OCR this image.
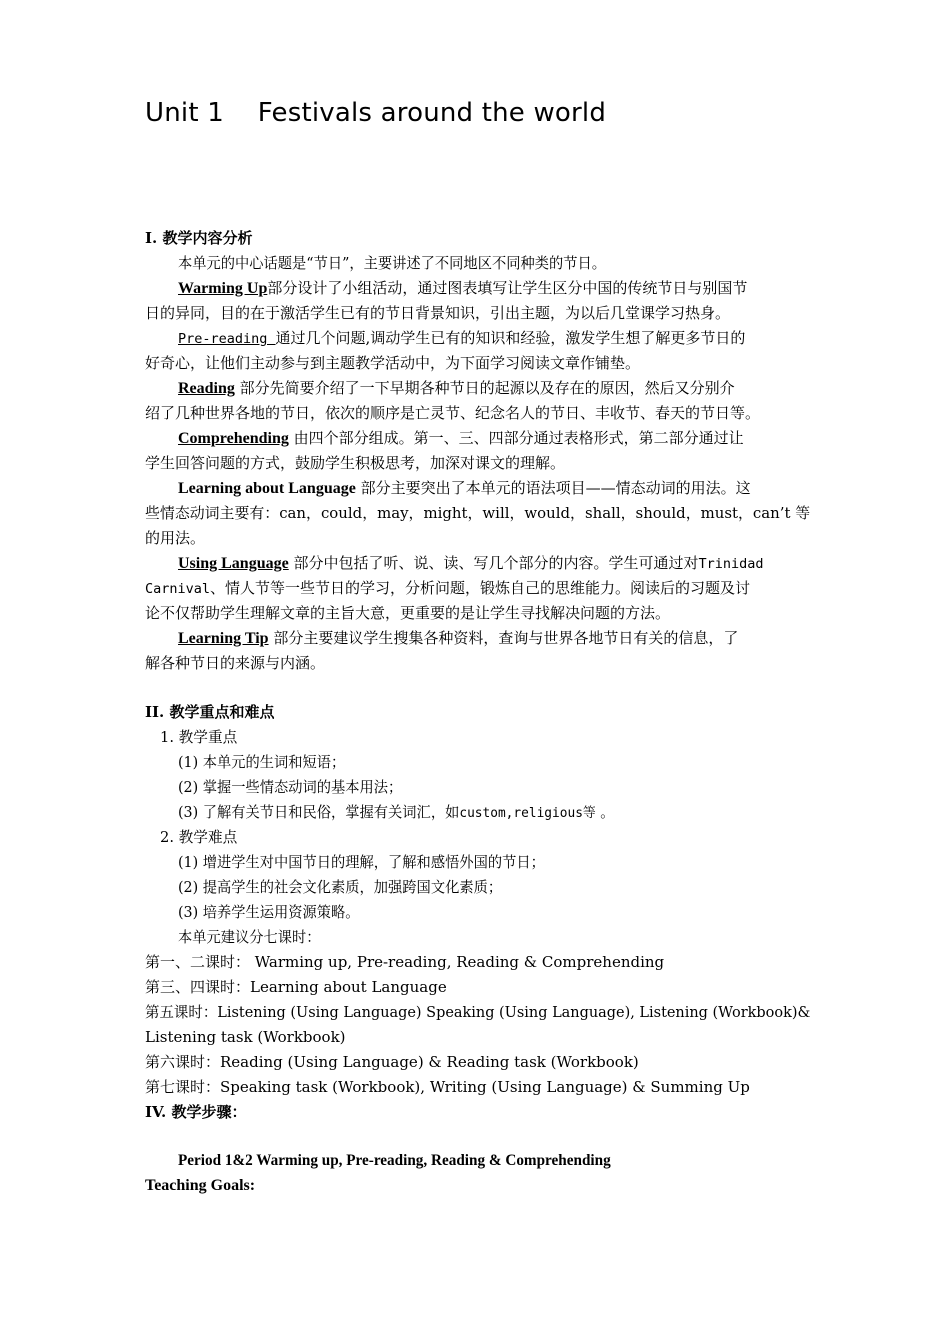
Unit 1    Festivals around the world
I. 教学内容分析
本单元的中心话题是“节日”，主要讲述了不同地区不同种类的节日。
Warming Up部分设计了小组活动，通过图表填写让学生区分中国的传统节日与别国节
日的异同，目的在于激活学生已有的节日背景知识，引出主题，为以后几堂课学习热身。
Pre-reading 通过几个问题,调动学生已有的知识和经验，激发学生想了解更多节日的
好奇心，让他们主动参与到主题教学活动中，为下面学习阅读文章作铺垫。
Reading 部分先简要介绍了一下早期各种节日的起源以及存在的原因，然后又分别介
绍了几种世界各地的节日，依次的顺序是亡灵节、纪念名人的节日、丰收节、春天的节日等。
Comprehending 由四个部分组成。第一、三、四部分通过表格形式，第二部分通过让
学生回答问题的方式，鼓励学生积极思考，加深对课文的理解。
Learning about Language 部分主要突出了本单元的语法项目——情态动词的用法。这
些情态动词主要有：can，could，may，might，will，would，shall，should，must，can’t 等
的用法。
Using Language 部分中包括了听、说、读、写几个部分的内容。学生可通过对Trinidad
Carnival、情人节等一些节日的学习，分析问题，锻炼自己的思维能力。阅读后的习题及讨
论不仅帮助学生理解文章的主旨大意，更重要的是让学生寻找解决问题的方法。
Learning Tip 部分主要建议学生搜集各种资料，查询与世界各地节日有关的信息，了
解各种节日的来源与内涵。
II. 教学重点和难点
1. 教学重点
(1) 本单元的生词和短语；
(2) 掌握一些情态动词的基本用法；
(3) 了解有关节日和民俗，掌握有关词汇，如custom,religious等 。
2. 教学难点
(1) 增进学生对中国节日的理解，了解和感悟外国的节日；
(2) 提高学生的社会文化素质，加强跨国文化素质；
(3) 培养学生运用资源策略。
本单元建议分七课时：
第一、二课时： Warming up, Pre-reading, Reading & Comprehending
第三、四课时：Learning about Language
第五课时：Listening (Using Language) Speaking (Using Language), Listening (Workbook)&
Listening task (Workbook)
第六课时：Reading (Using Language) & Reading task (Workbook)
第七课时：Speaking task (Workbook), Writing (Using Language) & Summing Up
IV. 教学步骤：
Period 1&2 Warming up, Pre-reading, Reading & Comprehending
Teaching Goals:
